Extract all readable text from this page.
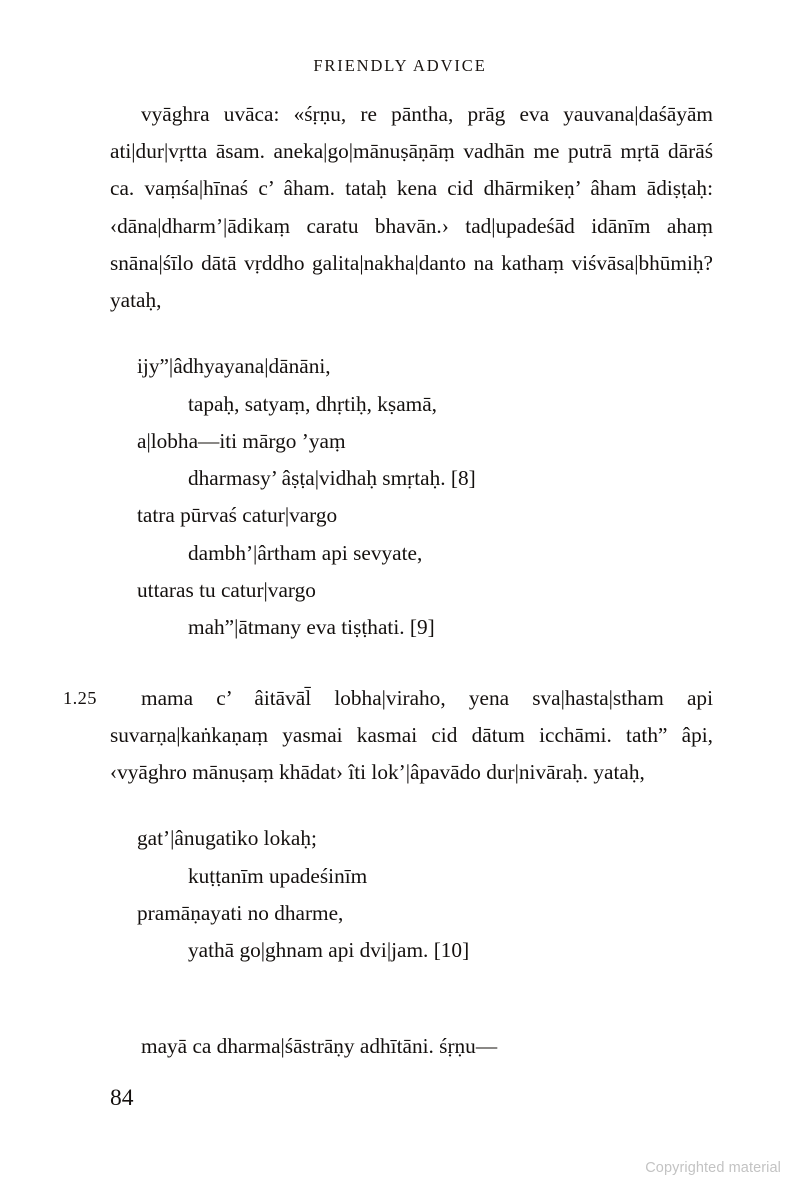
FRIENDLY ADVICE

vyāghra uvāca: «śṛṇu, re pāntha, prāg eva yauvana|daśāyām ati|dur|vṛtta āsam. aneka|go|mānuṣāṇāṃ vadhān me putrā mṛtā dārāś ca. vaṃśa|hīnaś c’ âham. tataḥ kena cid dhārmikeṇ’ âham ādiṣṭaḥ: ‹dāna|dharm’|ādikaṃ caratu bhavān.› tad|upadeśād idānīm ahaṃ snāna|śīlo dātā vṛddho galita|nakha|danto na kathaṃ viśvāsa|bhūmiḥ? yataḥ,

ijy”|âdhyayana|dānāni,
tapaḥ, satyaṃ, dhṛtiḥ, kṣamā,
a|lobha—iti mārgo ’yaṃ
dharmasy’ âṣṭa|vidhaḥ smṛtaḥ. [8]
tatra pūrvaś catur|vargo
dambh’|ârtham api sevyate,
uttaras tu catur|vargo
mah”|ātmany eva tiṣṭhati. [9]

1.25 mama c’ âitāvāl̄ lobha|viraho, yena sva|hasta|stham api suvarṇa|kaṅkaṇaṃ yasmai kasmai cid dātum icchāmi. tath” âpi, ‹vyāghro mānuṣaṃ khādat› îti lok’|âpavādo dur|nivāraḥ. yataḥ,

gat’|ânugatiko lokaḥ;
kuṭṭanīm upadeśinīm
pramāṇayati no dharme,
yathā go|ghnam api dvi|jam. [10]

mayā ca dharma|śāstrāṇy adhītāni. śṛṇu—

84
Copyrighted material
